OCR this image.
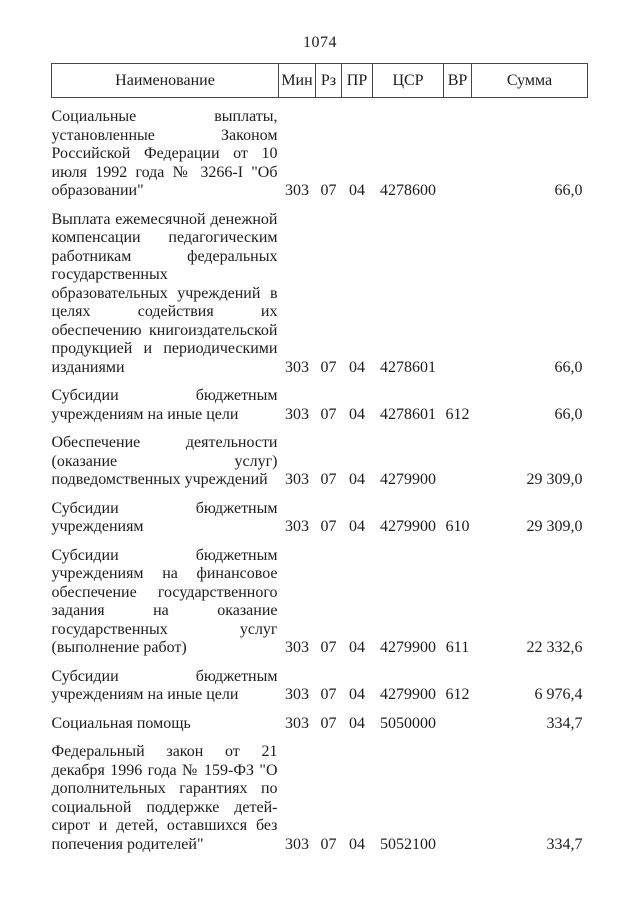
1074
Наименование	Мин	Рз	ПР	ЦСР	ВР	Сумма
Социальные выплаты, установленные Законом Российской Федерации от 10 июля 1992 года № 3266-I "Об образовании"	303	07	04	4278600		66,0
Выплата ежемесячной денежной компенсации педагогическим работникам федеральных государственных образовательных учреждений в целях содействия их обеспечению книгоиздательской продукцией и периодическими изданиями	303	07	04	4278601		66,0
Субсидии бюджетным учреждениям на иные цели	303	07	04	4278601	612	66,0
Обеспечение деятельности (оказание услуг) подведомственных учреждений	303	07	04	4279900		29 309,0
Субсидии бюджетным учреждениям	303	07	04	4279900	610	29 309,0
Субсидии бюджетным учреждениям на финансовое обеспечение государственного задания на оказание государственных услуг (выполнение работ)	303	07	04	4279900	611	22 332,6
Субсидии бюджетным учреждениям на иные цели	303	07	04	4279900	612	6 976,4
Социальная помощь	303	07	04	5050000		334,7
Федеральный закон от 21 декабря 1996 года № 159-ФЗ "О дополнительных гарантиях по социальной поддержке детей-сирот и детей, оставшихся без попечения родителей"	303	07	04	5052100		334,7
